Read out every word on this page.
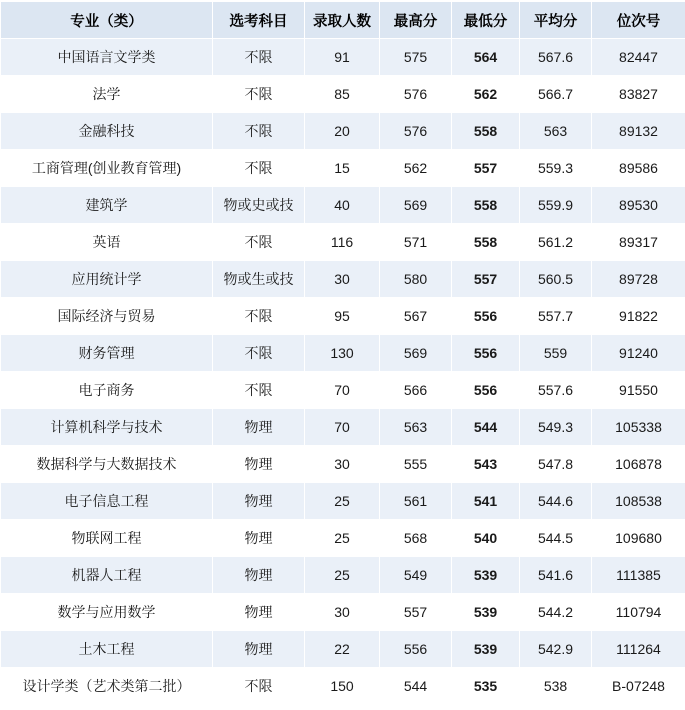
专业（类）	选考科目	录取人数	最高分	最低分	平均分	位次号
中国语言文学类	不限	91	575	564	567.6	82447
法学	不限	85	576	562	566.7	83827
金融科技	不限	20	576	558	563	89132
工商管理(创业教育管理)	不限	15	562	557	559.3	89586
建筑学	物或史或技	40	569	558	559.9	89530
英语	不限	116	571	558	561.2	89317
应用统计学	物或生或技	30	580	557	560.5	89728
国际经济与贸易	不限	95	567	556	557.7	91822
财务管理	不限	130	569	556	559	91240
电子商务	不限	70	566	556	557.6	91550
计算机科学与技术	物理	70	563	544	549.3	105338
数据科学与大数据技术	物理	30	555	543	547.8	106878
电子信息工程	物理	25	561	541	544.6	108538
物联网工程	物理	25	568	540	544.5	109680
机器人工程	物理	25	549	539	541.6	111385
数学与应用数学	物理	30	557	539	544.2	110794
土木工程	物理	22	556	539	542.9	111264
设计学类（艺术类第二批）	不限	150	544	535	538	B-07248
